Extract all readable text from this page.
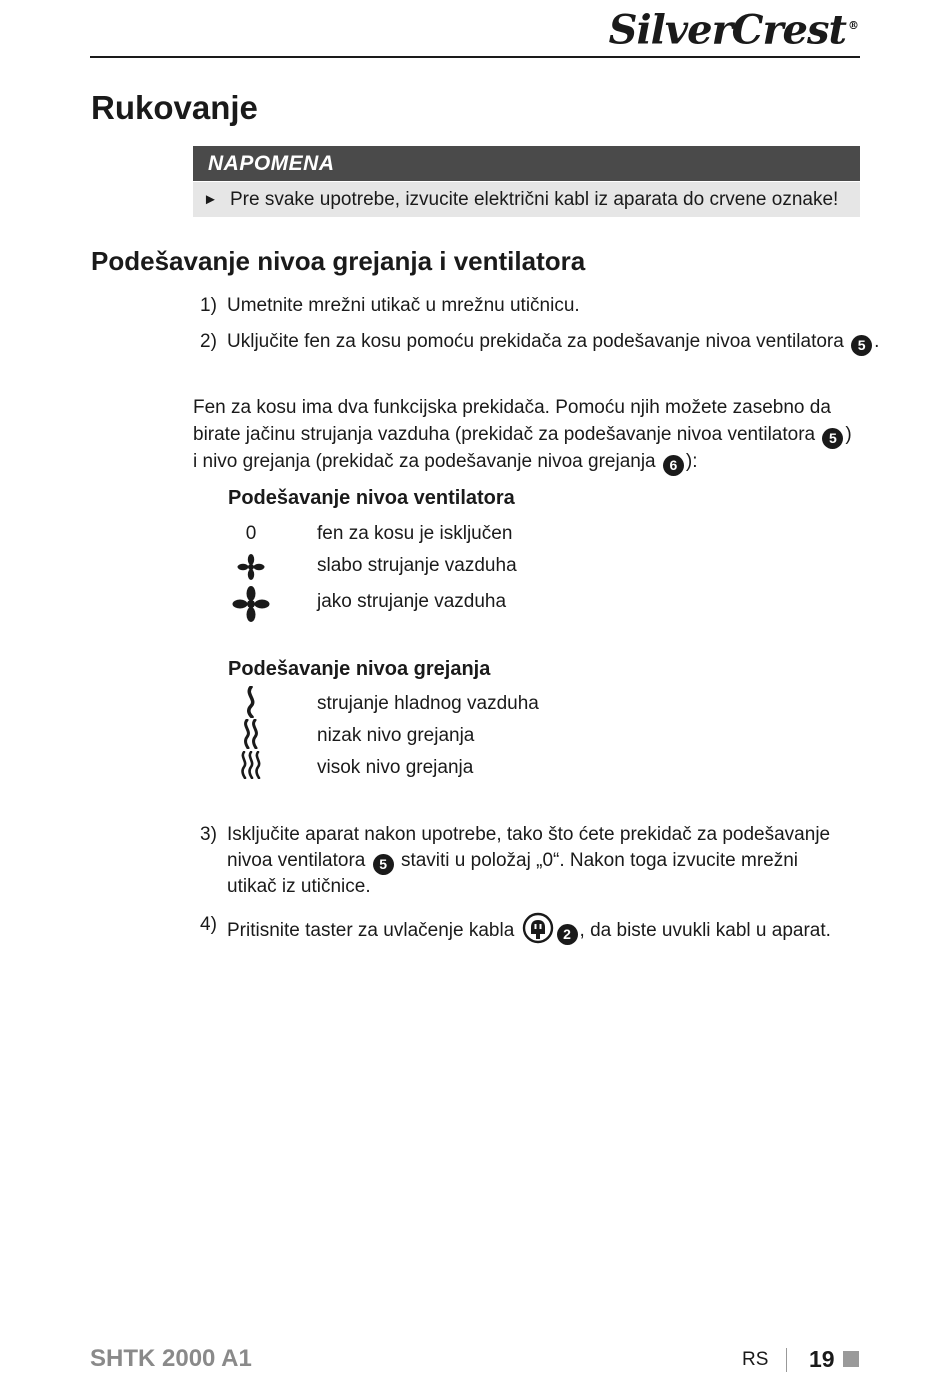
SilverCrest ®
Rukovanje
NAPOMENA
► Pre svake upotrebe, izvucite električni kabl iz aparata do crvene oznake!
Podešavanje nivoa grejanja i ventilatora
1) Umetnite mrežni utikač u mrežnu utičnicu.
2) Uključite fen za kosu pomoću prekidača za podešavanje nivoa ventilatora 5 .
Fen za kosu ima dva funkcijska prekidača. Pomoću njih možete zasebno da
birate jačinu strujanja vazduha (prekidač za podešavanje nivoa ventilatora 5 )
i nivo grejanja (prekidač za podešavanje nivoa grejanja 6 ):
Podešavanje nivoa ventilatora
0	fen za kosu je isključen
slabo strujanje vazduha
jako strujanje vazduha
Podešavanje nivoa grejanja
strujanje hladnog vazduha
nizak nivo grejanja
visok nivo grejanja
3) Isključite aparat nakon upotrebe, tako što ćete prekidač za podešavanje
nivoa ventilatora 5 staviti u položaj „0“. Nakon toga izvucite mrežni
utikač iz utičnice.
4) Pritisnite taster za uvlačenje kabla	2 , da biste uvukli kabl u aparat.
SHTK 2000 A1	RS 19
